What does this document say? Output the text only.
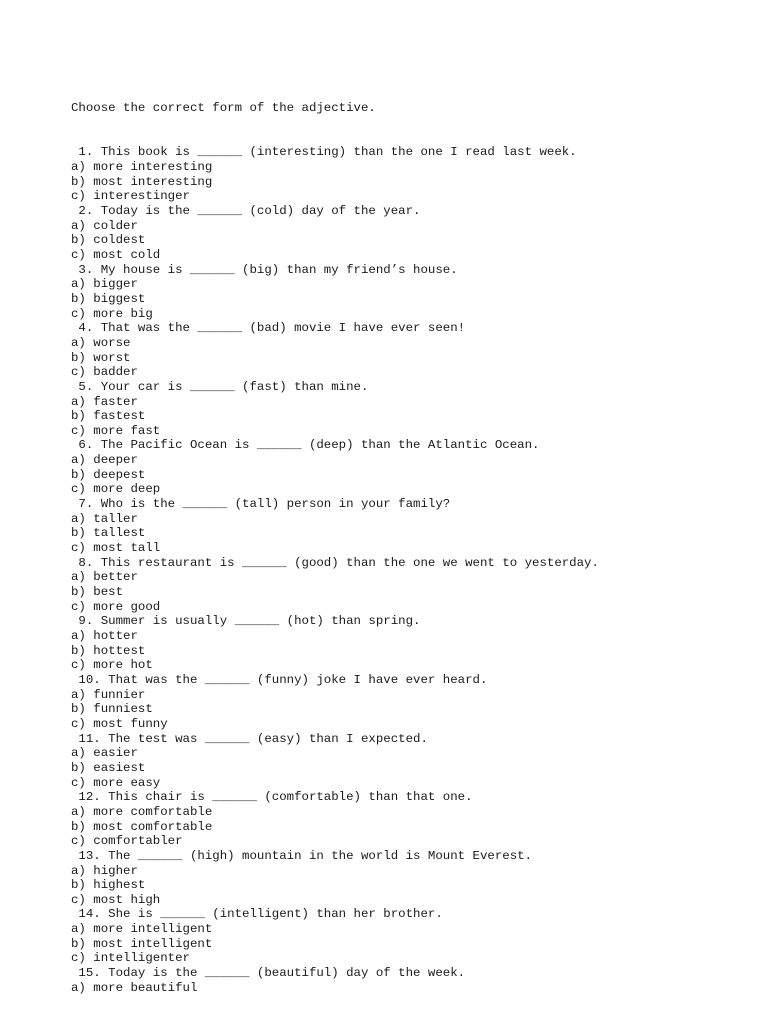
Choose the correct form of the adjective.

1. This book is ______ (interesting) than the one I read last week.
a) more interesting
b) most interesting
c) interestinger
2. Today is the ______ (cold) day of the year.
a) colder
b) coldest
c) most cold
3. My house is ______ (big) than my friend’s house.
a) bigger
b) biggest
c) more big
4. That was the ______ (bad) movie I have ever seen!
a) worse
b) worst
c) badder
5. Your car is ______ (fast) than mine.
a) faster
b) fastest
c) more fast
6. The Pacific Ocean is ______ (deep) than the Atlantic Ocean.
a) deeper
b) deepest
c) more deep
7. Who is the ______ (tall) person in your family?
a) taller
b) tallest
c) most tall
8. This restaurant is ______ (good) than the one we went to yesterday.
a) better
b) best
c) more good
9. Summer is usually ______ (hot) than spring.
a) hotter
b) hottest
c) more hot
10. That was the ______ (funny) joke I have ever heard.
a) funnier
b) funniest
c) most funny
11. The test was ______ (easy) than I expected.
a) easier
b) easiest
c) more easy
12. This chair is ______ (comfortable) than that one.
a) more comfortable
b) most comfortable
c) comfortabler
13. The ______ (high) mountain in the world is Mount Everest.
a) higher
b) highest
c) most high
14. She is ______ (intelligent) than her brother.
a) more intelligent
b) most intelligent
c) intelligenter
15. Today is the ______ (beautiful) day of the week.
a) more beautiful
